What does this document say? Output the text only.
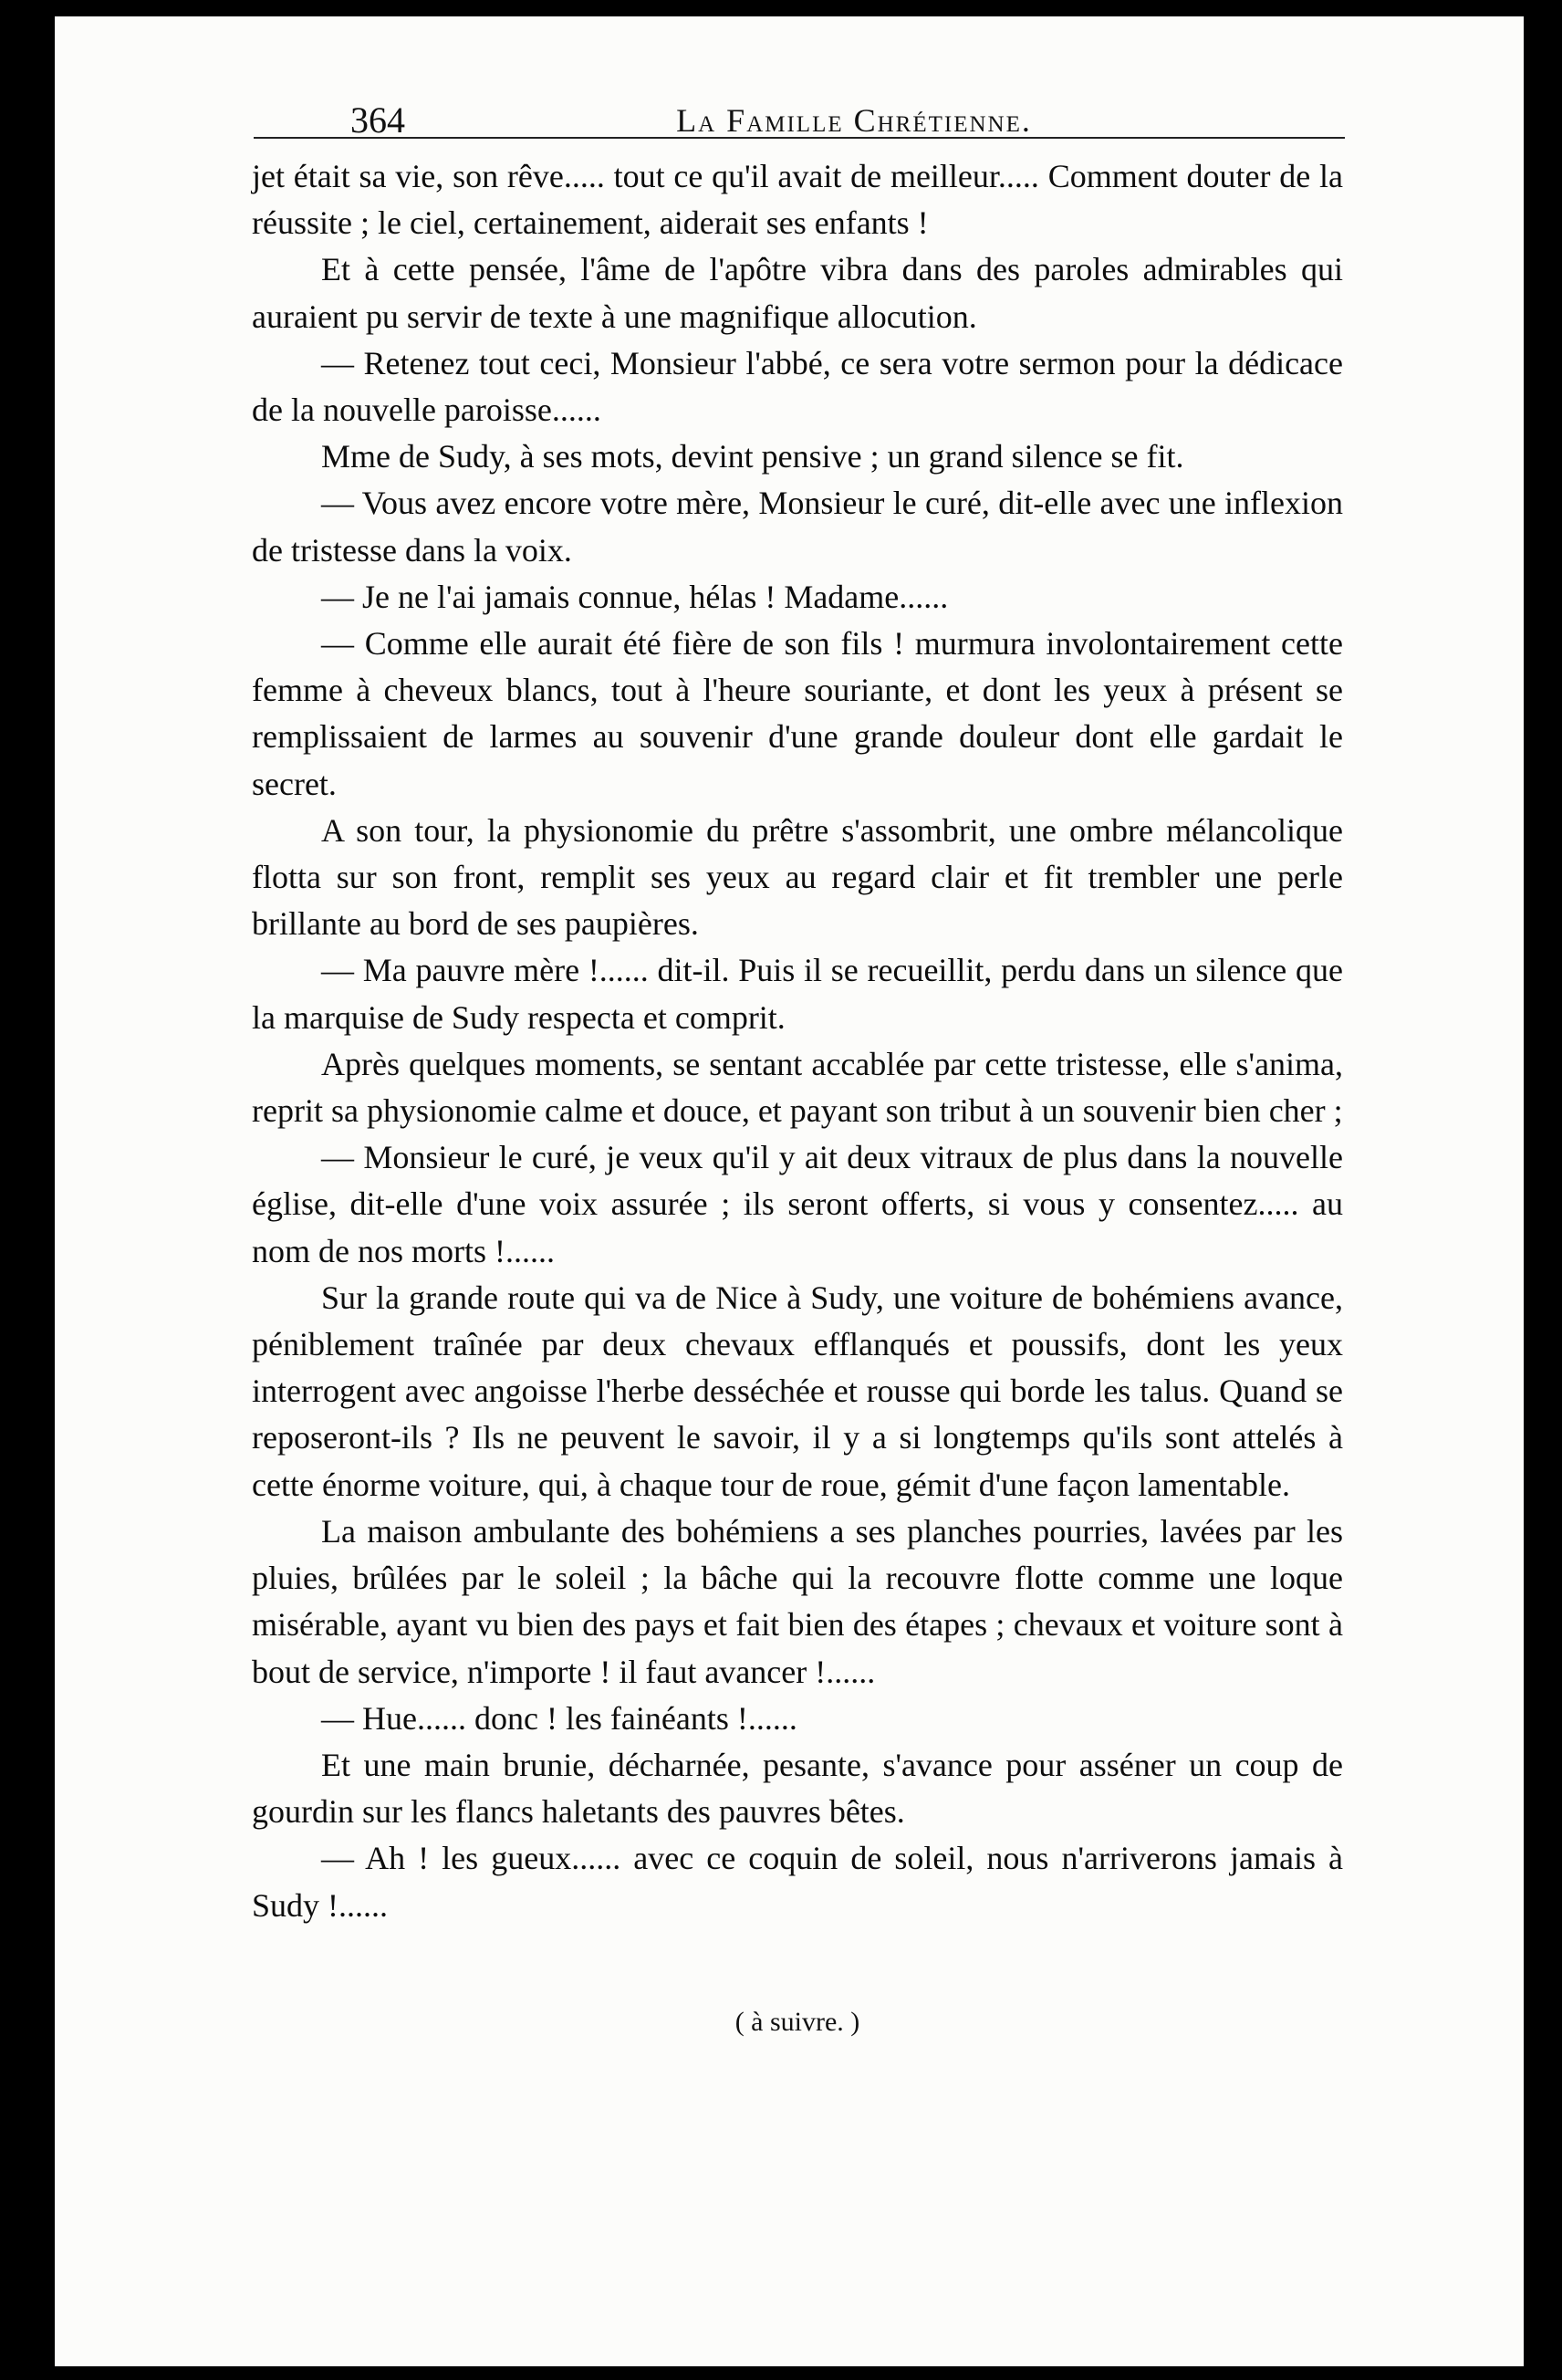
364	La Famille Chrétienne.

jet était sa vie, son rêve..... tout ce qu'il avait de meilleur..... Comment douter de la réussite ; le ciel, certainement, aiderait ses enfants !

Et à cette pensée, l'âme de l'apôtre vibra dans des paroles admirables qui auraient pu servir de texte à une magnifique allocution.

— Retenez tout ceci, Monsieur l'abbé, ce sera votre sermon pour la dédicace de la nouvelle paroisse......

Mme de Sudy, à ses mots, devint pensive ; un grand silence se fit.

— Vous avez encore votre mère, Monsieur le curé, dit-elle avec une inflexion de tristesse dans la voix.

— Je ne l'ai jamais connue, hélas ! Madame......

— Comme elle aurait été fière de son fils ! murmura involontairement cette femme à cheveux blancs, tout à l'heure souriante, et dont les yeux à présent se remplissaient de larmes au souvenir d'une grande douleur dont elle gardait le secret.

A son tour, la physionomie du prêtre s'assombrit, une ombre mélancolique flotta sur son front, remplit ses yeux au regard clair et fit trembler une perle brillante au bord de ses paupières.

— Ma pauvre mère !...... dit-il. Puis il se recueillit, perdu dans un silence que la marquise de Sudy respecta et comprit.

Après quelques moments, se sentant accablée par cette tristesse, elle s'anima, reprit sa physionomie calme et douce, et payant son tribut à un souvenir bien cher ;

— Monsieur le curé, je veux qu'il y ait deux vitraux de plus dans la nouvelle église, dit-elle d'une voix assurée ; ils seront offerts, si vous y consentez..... au nom de nos morts !......

Sur la grande route qui va de Nice à Sudy, une voiture de bohémiens avance, péniblement traînée par deux chevaux efflanqués et poussifs, dont les yeux interrogent avec angoisse l'herbe desséchée et rousse qui borde les talus. Quand se reposeront-ils ? Ils ne peuvent le savoir, il y a si longtemps qu'ils sont attelés à cette énorme voiture, qui, à chaque tour de roue, gémit d'une façon lamentable.

La maison ambulante des bohémiens a ses planches pourries, lavées par les pluies, brûlées par le soleil ; la bâche qui la recouvre flotte comme une loque misérable, ayant vu bien des pays et fait bien des étapes ; chevaux et voiture sont à bout de service, n'importe ! il faut avancer !......

— Hue...... donc ! les fainéants !......

Et une main brunie, décharnée, pesante, s'avance pour asséner un coup de gourdin sur les flancs haletants des pauvres bêtes.

— Ah ! les gueux...... avec ce coquin de soleil, nous n'arriverons jamais à Sudy !......

( à suivre. )
